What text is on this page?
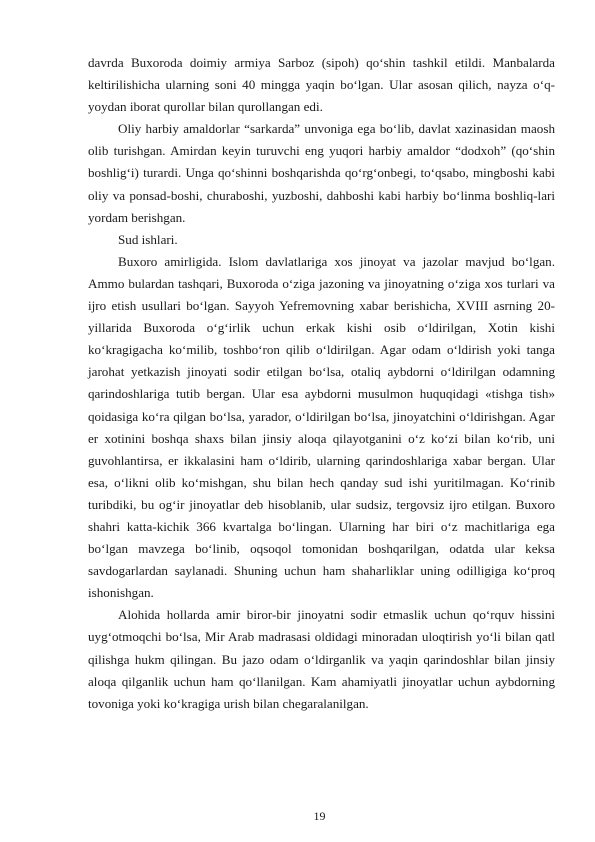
davrda Buxoroda doimiy armiya Sarboz (sipoh) qo‘shin tashkil etildi. Manbalarda keltirilishicha ularning soni 40 mingga yaqin bo‘lgan. Ular asosan qilich, nayza o‘q-yoydan iborat qurollar bilan qurollangan edi.

Oliy harbiy amaldorlar “sarkarda” unvoniga ega bo‘lib, davlat xazinasidan maosh olib turishgan. Amirdan keyin turuvchi eng yuqori harbiy amaldor “dodxoh” (qo‘shin boshlig‘i) turardi. Unga qo‘shinni boshqarishda qo‘rg‘onbegi, to‘qsabo, mingboshi kabi oliy va ponsad-boshi, churaboshi, yuzboshi, dahboshi kabi harbiy bo‘linma boshliq-lari yordam berishgan.

Sud ishlari.

Buxoro amirligida. Islom davlatlariga xos jinoyat va jazolar mavjud bo‘lgan. Ammo bulardan tashqari, Buxoroda o‘ziga jazoning va jinoyatning o‘ziga xos turlari va ijro etish usullari bo‘lgan. Sayyoh Yefremovning xabar berishicha, XVIII asrning 20-yillarida Buxoroda o‘g‘irlik uchun erkak kishi osib o‘ldirilgan, Xotin kishi ko‘kragigacha ko‘milib, toshbo‘ron qilib o‘ldirilgan. Agar odam o‘ldirish yoki tanga jarohat yetkazish jinoyati sodir etilgan bo‘lsa, otaliq aybdorni o‘ldirilgan odamning qarindoshlariga tutib bergan. Ular esa aybdorni musulmon huquqidagi «tishga tish» qoidasiga ko‘ra qilgan bo‘lsa, yarador, o‘ldirilgan bo‘lsa, jinoyatchini o‘ldirishgan. Agar er xotinini boshqa shaxs bilan jinsiy aloqa qilayotganini o‘z ko‘zi bilan ko‘rib, uni guvohlantirsa, er ikkalasini ham o‘ldirib, ularning qarindoshlariga xabar bergan. Ular esa, o‘likni olib ko‘mishgan, shu bilan hech qanday sud ishi yuritilmagan. Ko‘rinib turibdiki, bu og‘ir jinoyatlar deb hisoblanib, ular sudsiz, tergovsiz ijro etilgan. Buxoro shahri katta-kichik 366 kvartalga bo‘lingan. Ularning har biri o‘z machitlariga ega bo‘lgan mavzega bo‘linib, oqsoqol tomonidan boshqarilgan, odatda ular keksa savdogarlardan saylanadi. Shuning uchun ham shaharliklar uning odilligiga ko‘proq ishonishgan.

Alohida hollarda amir biror-bir jinoyatni sodir etmaslik uchun qo‘rquv hissini uyg‘otmoqchi bo‘lsa, Mir Arab madrasasi oldidagi minoradan uloqtirish yo‘li bilan qatl qilishga hukm qilingan. Bu jazo odam o‘ldirganlik va yaqin qarindoshlar bilan jinsiy aloqa qilganlik uchun ham qo‘llanilgan. Kam ahamiyatli jinoyatlar uchun aybdorning tovoniga yoki ko‘kragiga urish bilan chegaralanilgan.

19
